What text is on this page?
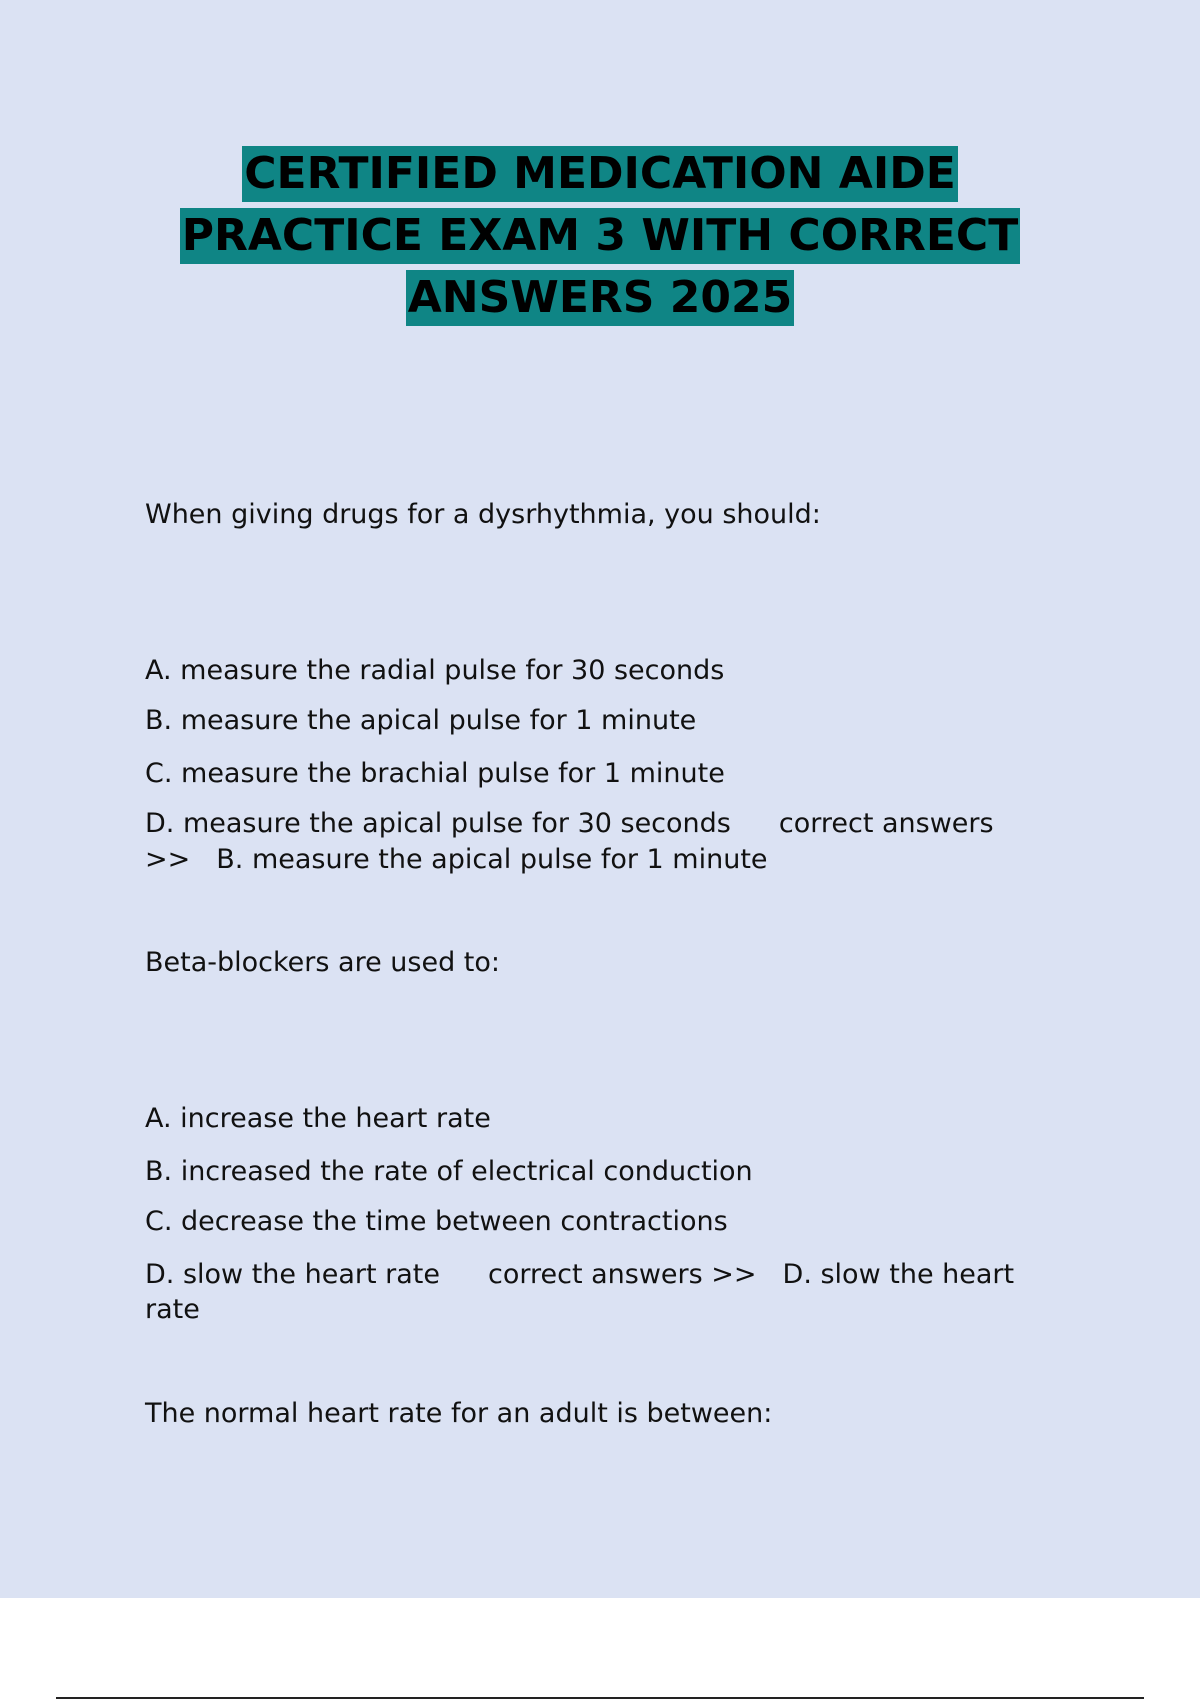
CERTIFIED MEDICATION AIDE
PRACTICE EXAM 3 WITH CORRECT
ANSWERS 2025
When giving drugs for a dysrhythmia, you should:
A. measure the radial pulse for 30 seconds
B. measure the apical pulse for 1 minute
C. measure the brachial pulse for 1 minute
D. measure the apical pulse for 30 seconds correct answers
>> B. measure the apical pulse for 1 minute
Beta-blockers are used to:
A. increase the heart rate
B. increased the rate of electrical conduction
C. decrease the time between contractions
D. slow the heart rate correct answers >> D. slow the heart
rate
The normal heart rate for an adult is between:
